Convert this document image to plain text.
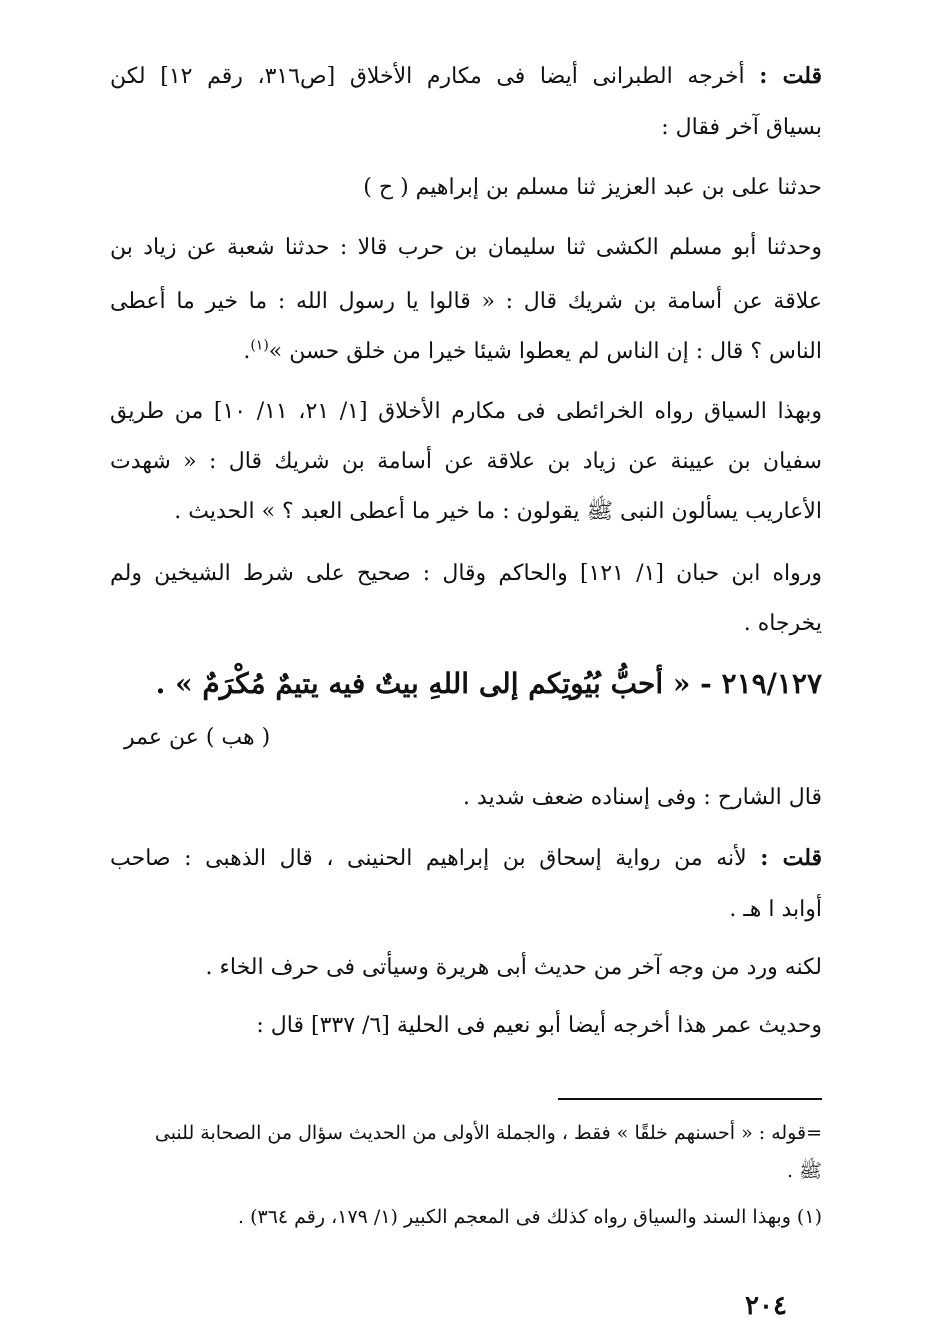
قلت : أخرجه الطبرانى أيضا فى مكارم الأخلاق [ص٣١٦، رقم ١٢] لكن
بسياق آخر فقال :
حدثنا على بن عبد العزيز ثنا مسلم بن إبراهيم ( ح )
وحدثنا أبو مسلم الكشى ثنا سليمان بن حرب قالا : حدثنا شعبة عن زياد بن
علاقة عن أسامة بن شريك قال : « قالوا يا رسول الله : ما خير ما أعطى
الناس ؟ قال : إن الناس لم يعطوا شيئا خيرا من خلق حسن »$^{(١)}$.
وبهذا السياق رواه الخرائطى فى مكارم الأخلاق [١/ ٢١، ١١/ ١٠] من طريق
سفيان بن عيينة عن زياد بن علاقة عن أسامة بن شريك قال : « شهدت
الأعاريب يسألون النبى ﷺ يقولون : ما خير ما أعطى العبد ؟ » الحديث .
ورواه ابن حبان [١/ ١٢١] والحاكم وقال : صحيح على شرط الشيخين ولم
يخرجاه .
٢١٩/١٢٧ - « أحبُّ بُيُوتِكم إلى اللهِ بيتٌ فيه يتيمٌ مُكْرَمٌ » .
( هب ) عن عمر
قال الشارح : وفى إسناده ضعف شديد .
قلت : لأنه من رواية إسحاق بن إبراهيم الحنينى ، قال الذهبى : صاحب
أوابد ا هـ .
لكنه ورد من وجه آخر من حديث أبى هريرة وسيأتى فى حرف الخاء .
وحديث عمر هذا أخرجه أيضا أبو نعيم فى الحلية [٦/ ٣٣٧] قال :
=قوله : « أحسنهم خلقًا » فقط ، والجملة الأولى من الحديث سؤال من الصحابة للنبى
ﷺ .
(١) وبهذا السند والسياق رواه كذلك فى المعجم الكبير (١/ ١٧٩، رقم ٣٦٤) .
٢٠٤
